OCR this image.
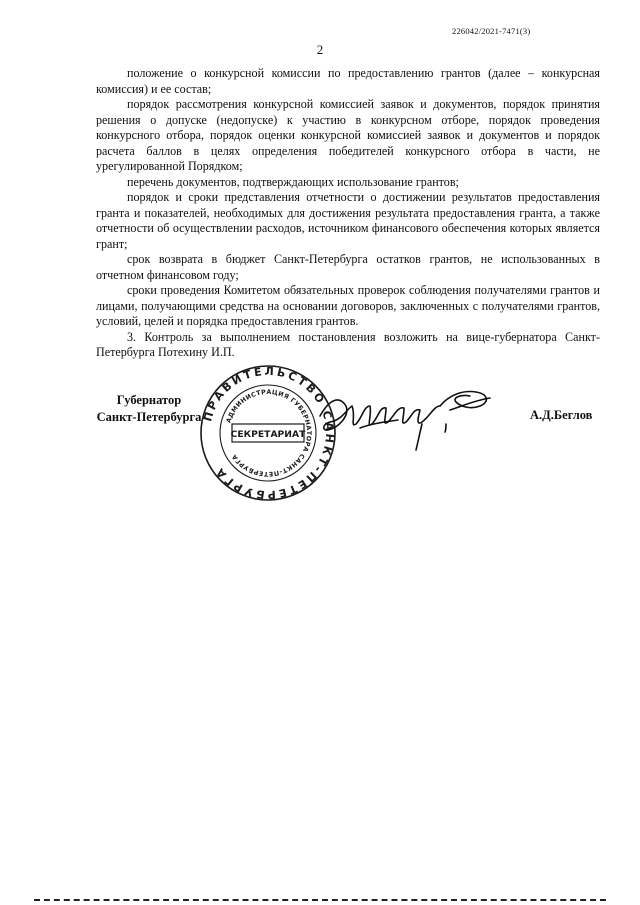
226042/2021-7471(3)
2

положение о конкурсной комиссии по предоставлению грантов (далее – конкурсная комиссия) и ее состав;

порядок рассмотрения конкурсной комиссией заявок и документов, порядок принятия решения о допуске (недопуске) к участию в конкурсном отборе, порядок проведения конкурсного отбора, порядок оценки конкурсной комиссией заявок и документов и порядок расчета баллов в целях определения победителей конкурсного отбора в части, не урегулированной Порядком;

перечень документов, подтверждающих использование грантов;

порядок и сроки представления отчетности о достижении результатов предоставления гранта и показателей, необходимых для достижения результата предоставления гранта, а также отчетности об осуществлении расходов, источником финансового обеспечения которых является грант;

срок возврата в бюджет Санкт-Петербурга остатков грантов, не использованных в отчетном финансовом году;

сроки проведения Комитетом обязательных проверок соблюдения получателями грантов и лицами, получающими средства на основании договоров, заключенных с получателями грантов, условий, целей и порядка предоставления грантов.

3. Контроль за выполнением постановления возложить на вице-губернатора Санкт-Петербурга Потехину И.П.

Губернатор
Санкт-Петербурга ПРАВИТЕЛЬСТВО САНКТ-ПЕТЕРБУРГА
АДМИНИСТРАЦИЯ ГУБЕРНАТОРА САНКТ-ПЕТЕРБУРГА
СЕКРЕТАРИАТ
А.Д.Беглов
